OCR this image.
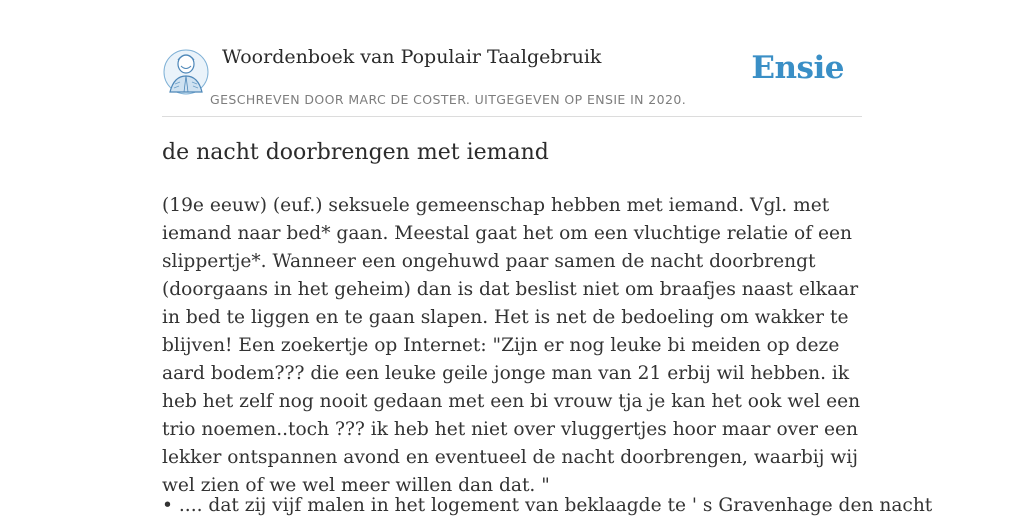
Woordenboek van Populair Taalgebruik
GESCHREVEN DOOR MARC DE COSTER. UITGEGEVEN OP ENSIE IN 2020.
Ensie
de nacht doorbrengen met iemand

(19e eeuw) (euf.) seksuele gemeenschap hebben met iemand. Vgl. met iemand naar bed* gaan. Meestal gaat het om een vluchtige relatie of een slippertje*. Wanneer een ongehuwd paar samen de nacht doorbrengt (doorgaans in het geheim) dan is dat beslist niet om braafjes naast elkaar in bed te liggen en te gaan slapen. Het is net de bedoeling om wakker te blijven! Een zoekertje op Internet: "Zijn er nog leuke bi meiden op deze aard bodem??? die een leuke geile jonge man van 21 erbij wil hebben. ik heb het zelf nog nooit gedaan met een bi vrouw tja je kan het ook wel een trio noemen..toch ??? ik heb het niet over vluggertjes hoor maar over een lekker ontspannen avond en eventueel de nacht doorbrengen, waarbij wij wel zien of we wel meer willen dan dat. "

• .... dat zij vijf malen in het logement van beklaagde te ' s Gravenhage den nacht
